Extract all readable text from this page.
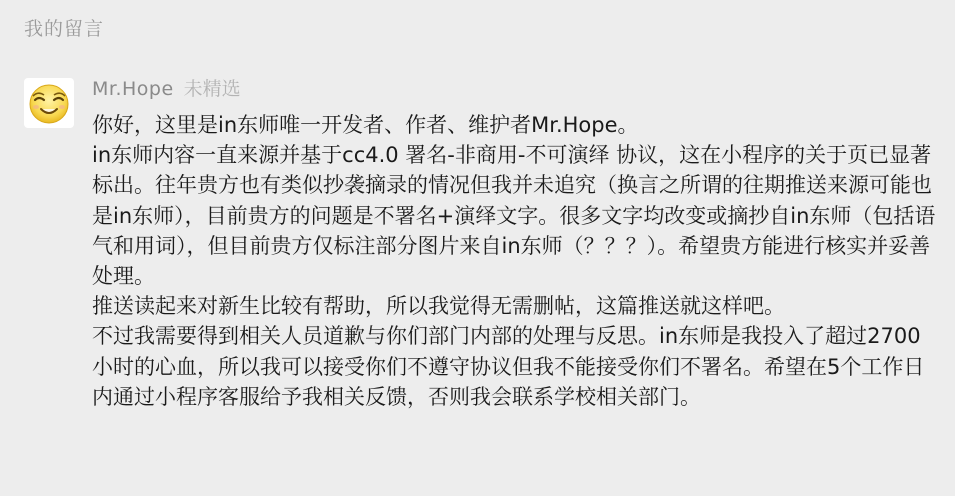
我的留言
Mr.Hope 未精选

你好，这里是in东师唯一开发者、作者、维护者Mr.Hope。

in东师内容一直来源并基于cc4.0 署名-非商用-不可演绎 协议，这在小程序的关于页已显著标出。往年贵方也有类似抄袭摘录的情况但我并未追究（换言之所谓的往期推送来源可能也是in东师），目前贵方的问题是不署名+演绎文字。很多文字均改变或摘抄自in东师（包括语气和用词），但目前贵方仅标注部分图片来自in东师（？？？）。希望贵方能进行核实并妥善处理。

推送读起来对新生比较有帮助，所以我觉得无需删帖，这篇推送就这样吧。

不过我需要得到相关人员道歉与你们部门内部的处理与反思。in东师是我投入了超过2700小时的心血，所以我可以接受你们不遵守协议但我不能接受你们不署名。希望在5个工作日内通过小程序客服给予我相关反馈，否则我会联系学校相关部门。
